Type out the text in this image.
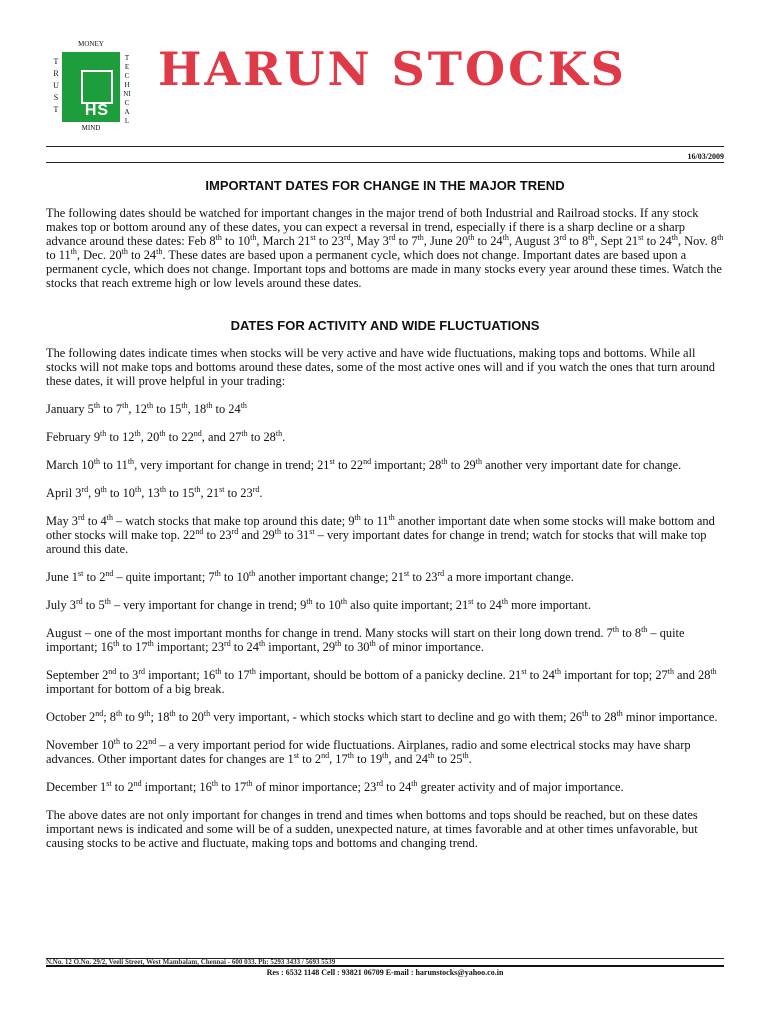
MONEY
TRUST	HS
TECHNICAL
MIND
HARUN STOCKS
16/03/2009
IMPORTANT DATES FOR CHANGE IN THE MAJOR TREND

The following dates should be watched for important changes in the major trend of both Industrial and Railroad stocks. If any stock makes top or bottom around any of these dates, you can expect a reversal in trend, especially if there is a sharp decline or a sharp advance around these dates: Feb 8th to 10th, March 21st to 23rd, May 3rd to 7th, June 20th to 24th, August 3rd to 8th, Sept 21st to 24th, Nov. 8th to 11th, Dec. 20th to 24th. These dates are based upon a permanent cycle, which does not change. Important dates are based upon a permanent cycle, which does not change. Important tops and bottoms are made in many stocks every year around these times. Watch the stocks that reach extreme high or low levels around these dates.

DATES FOR ACTIVITY AND WIDE FLUCTUATIONS

The following dates indicate times when stocks will be very active and have wide fluctuations, making tops and bottoms. While all stocks will not make tops and bottoms around these dates, some of the most active ones will and if you watch the ones that turn around these dates, it will prove helpful in your trading:

January 5th to 7th, 12th to 15th, 18th to 24th

February 9th to 12th, 20th to 22nd, and 27th to 28th.

March 10th to 11th, very important for change in trend; 21st to 22nd important; 28th to 29th another very important date for change.

April 3rd, 9th to 10th, 13th to 15th, 21st to 23rd.

May 3rd to 4th – watch stocks that make top around this date; 9th to 11th another important date when some stocks will make bottom and other stocks will make top. 22nd to 23rd and 29th to 31st – very important dates for change in trend; watch for stocks that will make top around this date.

June 1st to 2nd – quite important; 7th to 10th another important change; 21st to 23rd a more important change.

July 3rd to 5th – very important for change in trend; 9th to 10th also quite important; 21st to 24th more important.

August – one of the most important months for change in trend. Many stocks will start on their long down trend. 7th to 8th – quite important; 16th to 17th important; 23rd to 24th important, 29th to 30th of minor importance.

September 2nd to 3rd important; 16th to 17th important, should be bottom of a panicky decline. 21st to 24th important for top; 27th and 28th important for bottom of a big break.

October 2nd; 8th to 9th; 18th to 20th very important, - which stocks which start to decline and go with them; 26th to 28th minor importance.

November 10th to 22nd – a very important period for wide fluctuations. Airplanes, radio and some electrical stocks may have sharp advances. Other important dates for changes are 1st to 2nd, 17th to 19th, and 24th to 25th.

December 1st to 2nd important; 16th to 17th of minor importance; 23rd to 24th greater activity and of major importance.

The above dates are not only important for changes in trend and times when bottoms and tops should be reached, but on these dates important news is indicated and some will be of a sudden, unexpected nature, at times favorable and at other times unfavorable, but causing stocks to be active and fluctuate, making tops and bottoms and changing trend.

N.No. 12 O.No. 29/2, Veeli Street, West Mambalam, Chennai - 600 033. Ph: 5293 3433 / 5693 5539
Res : 6532 1148 Cell : 93821 06709 E-mail : harunstocks@yahoo.co.in
